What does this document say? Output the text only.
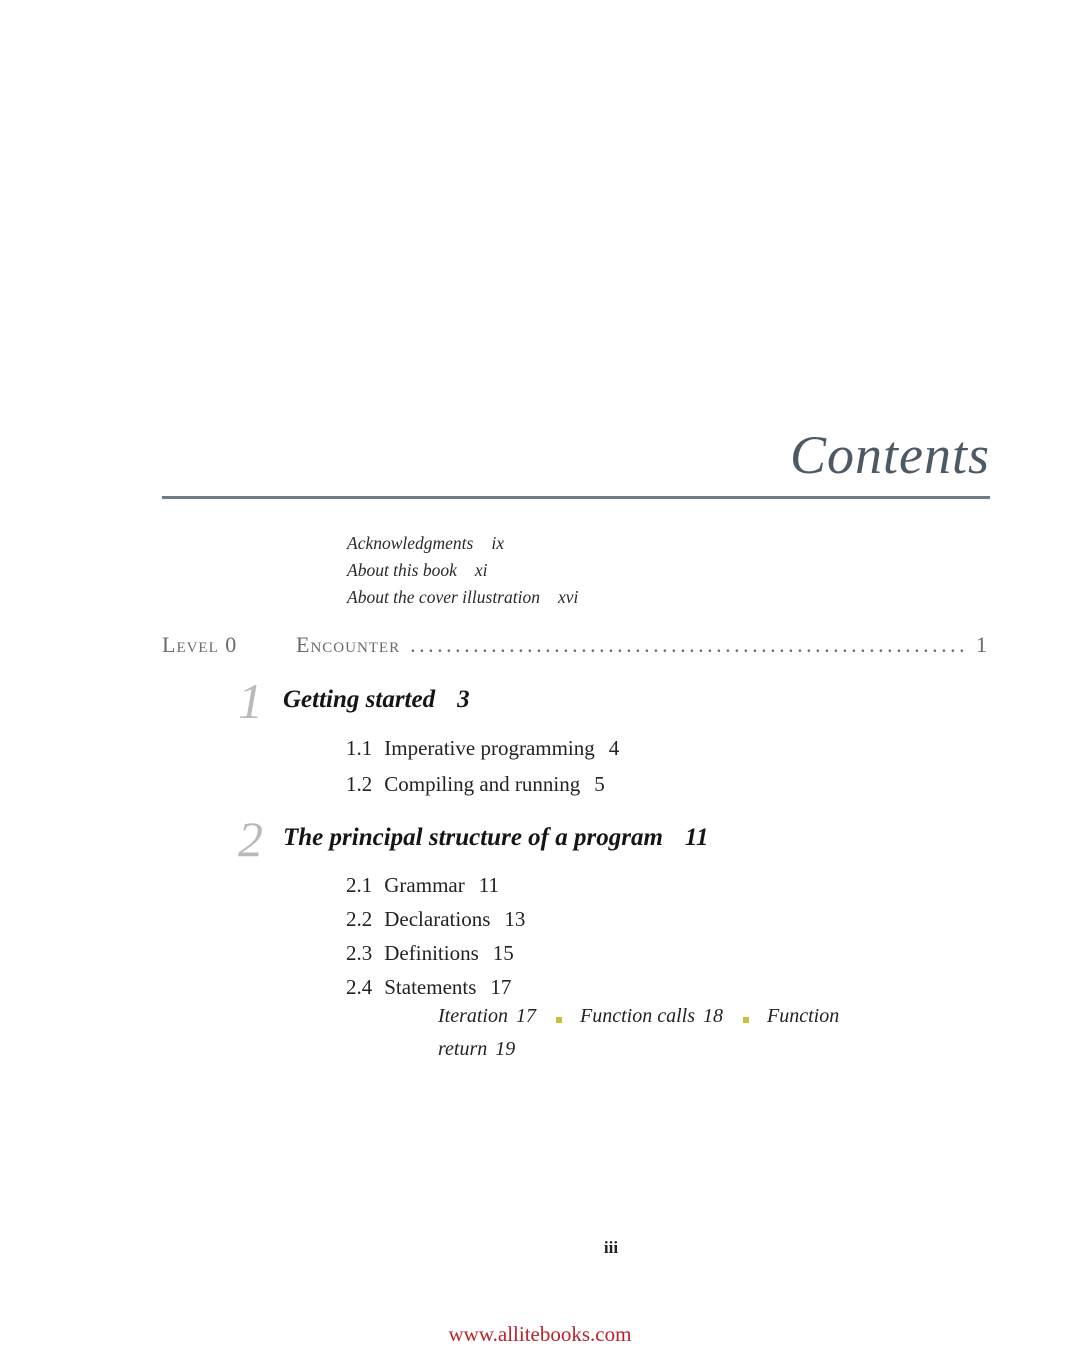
Contents
Acknowledgments ix
About this book xi
About the cover illustration xvi
Level 0	Encounter
. . .	1
1 Getting started 3
1.1 Imperative programming 4
1.2 Compiling and running 5
2 The principal structure of a program 11
2.1 Grammar 11
2.2 Declarations 13
2.3 Definitions 15
2.4 Statements 17
Iteration 17 Function calls 18 Function
return 19
iii
www.allitebooks.com
